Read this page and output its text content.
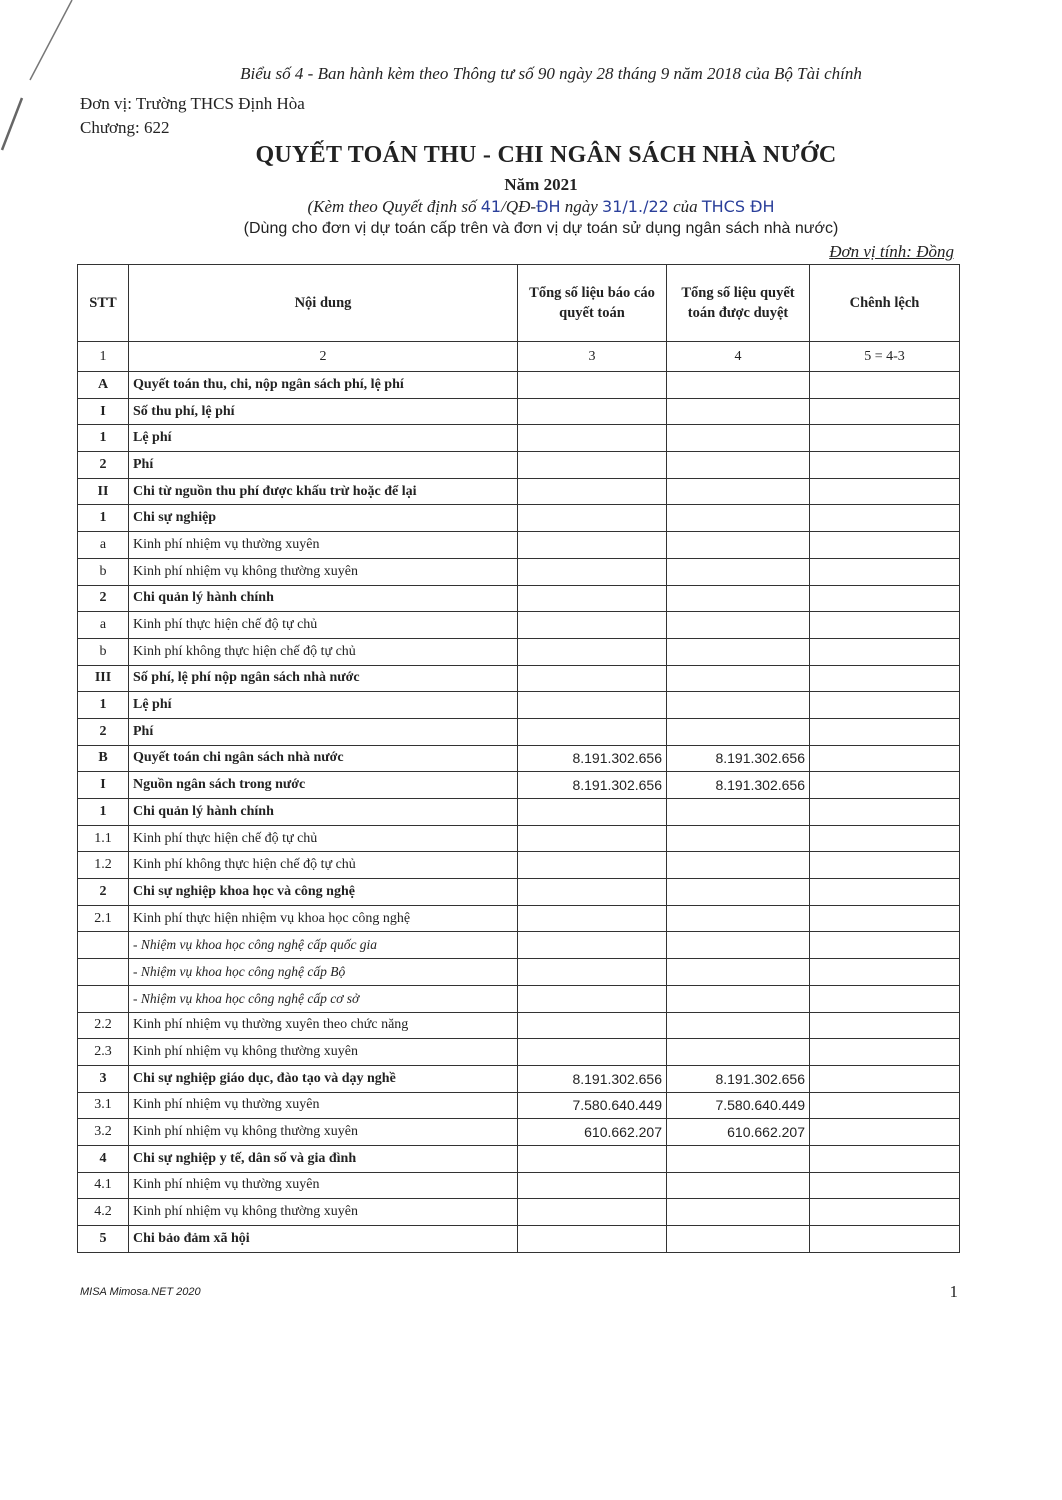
Biểu số 4 - Ban hành kèm theo Thông tư số 90 ngày 28 tháng 9 năm 2018 của Bộ Tài chính
Đơn vị: Trường THCS Định Hòa
Chương: 622
QUYẾT TOÁN THU - CHI NGÂN SÁCH NHÀ NƯỚC
Năm 2021
(Kèm theo Quyết định số 41/QĐ-ĐH ngày 31/1./22 của THCS ĐH
(Dùng cho đơn vị dự toán cấp trên và đơn vị dự toán sử dụng ngân sách nhà nước)
Đơn vị tính: Đồng
STT	Nội dung	Tổng số liệu báo cáo quyết toán	Tổng số liệu quyết toán được duyệt	Chênh lệch
1	2	3	4	5 = 4-3
A	Quyết toán thu, chi, nộp ngân sách phí, lệ phí			
I	Số thu phí, lệ phí			
1	Lệ phí			
2	Phí			
II	Chi từ nguồn thu phí được khấu trừ hoặc để lại			
1	Chi sự nghiệp			
a	Kinh phí nhiệm vụ thường xuyên			
b	Kinh phí nhiệm vụ không thường xuyên			
2	Chi quản lý hành chính			
a	Kinh phí thực hiện chế độ tự chủ			
b	Kinh phí không thực hiện chế độ tự chủ			
III	Số phí, lệ phí nộp ngân sách nhà nước			
1	Lệ phí			
2	Phí			
B	Quyết toán chi ngân sách nhà nước	8.191.302.656	8.191.302.656	
I	Nguồn ngân sách trong nước	8.191.302.656	8.191.302.656	
1	Chi quản lý hành chính			
1.1	Kinh phí thực hiện chế độ tự chủ			
1.2	Kinh phí không thực hiện chế độ tự chủ			
2	Chi sự nghiệp khoa học và công nghệ			
2.1	Kinh phí thực hiện nhiệm vụ khoa học công nghệ			
	- Nhiệm vụ khoa học công nghệ cấp quốc gia			
	- Nhiệm vụ khoa học công nghệ cấp Bộ			
	- Nhiệm vụ khoa học công nghệ cấp cơ sở			
2.2	Kinh phí nhiệm vụ thường xuyên theo chức năng			
2.3	Kinh phí nhiệm vụ không thường xuyên			
3	Chi sự nghiệp giáo dục, đào tạo và dạy nghề	8.191.302.656	8.191.302.656	
3.1	Kinh phí nhiệm vụ thường xuyên	7.580.640.449	7.580.640.449	
3.2	Kinh phí nhiệm vụ không thường xuyên	610.662.207	610.662.207	
4	Chi sự nghiệp y tế, dân số và gia đình			
4.1	Kinh phí nhiệm vụ thường xuyên			
4.2	Kinh phí nhiệm vụ không thường xuyên			
5	Chi bảo đảm xã hội			
MISA Mimosa.NET 2020	1
